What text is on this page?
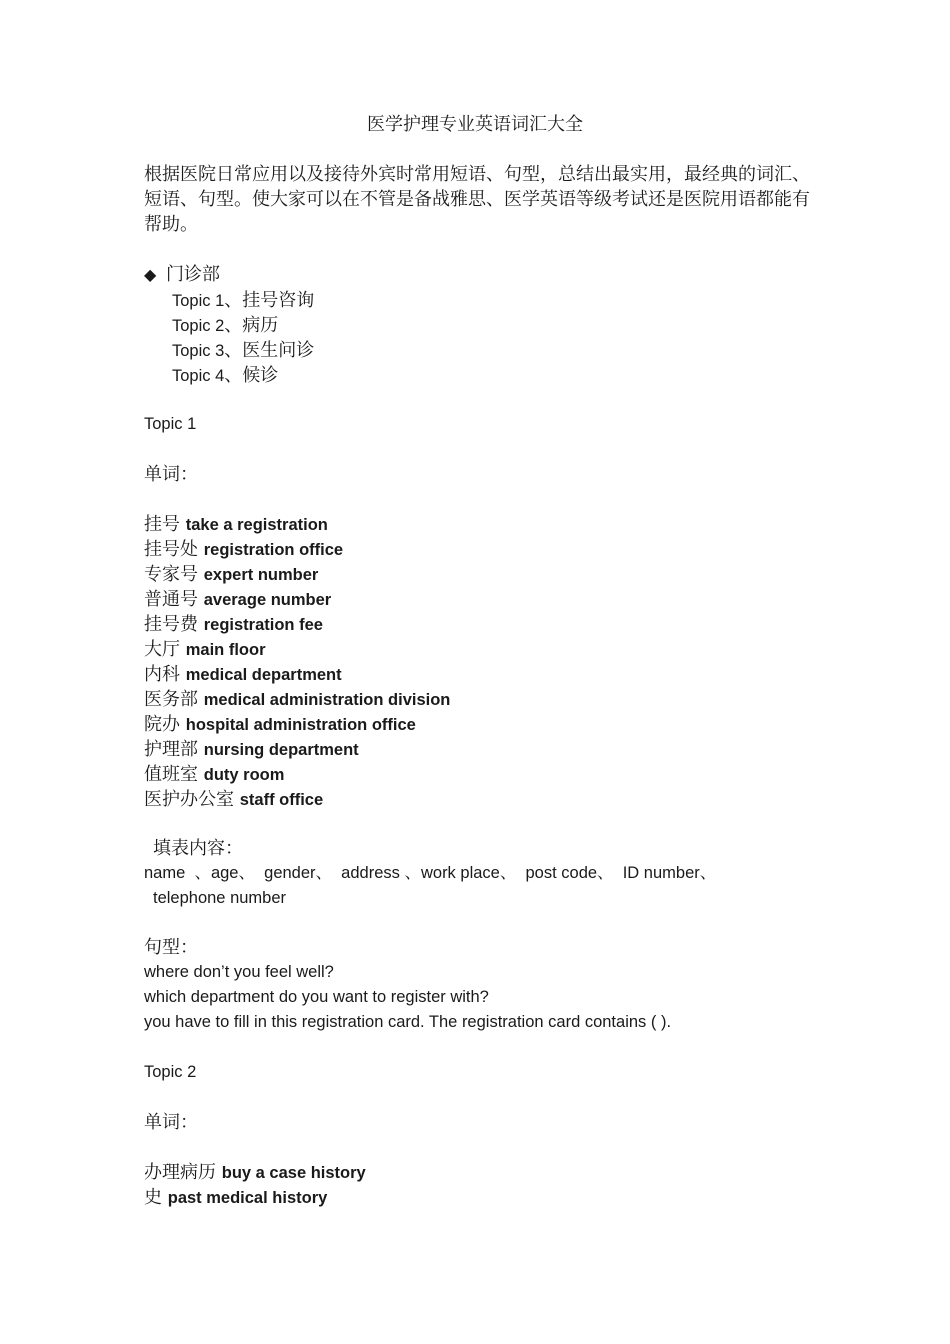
医学护理专业英语词汇大全
根据医院日常应用以及接待外宾时常用短语、句型，总结出最实用，最经典的词汇、短语、句型。使大家可以在不管是备战雅思、医学英语等级考试还是医院用语都能有帮助。
◆ 门诊部
Topic 1、挂号咨询
Topic 2、病历
Topic 3、医生问诊
Topic 4、候诊
Topic 1
单词：
挂号 take a registration
挂号处 registration office
专家号 expert number
普通号 average number
挂号费 registration fee
大厅 main floor
内科 medical department
医务部 medical administration division
院办 hospital administration office
护理部 nursing department
值班室 duty room
医护办公室 staff office
填表内容：
name  、age、  gender、  address 、work place、  post code、  ID number、
telephone number
句型：
where don’t you feel well?
which department do you want to register with?
you have to fill in this registration card. The registration card contains ( ).
Topic 2
单词：
办理病历 buy a case history
史 past medical history
